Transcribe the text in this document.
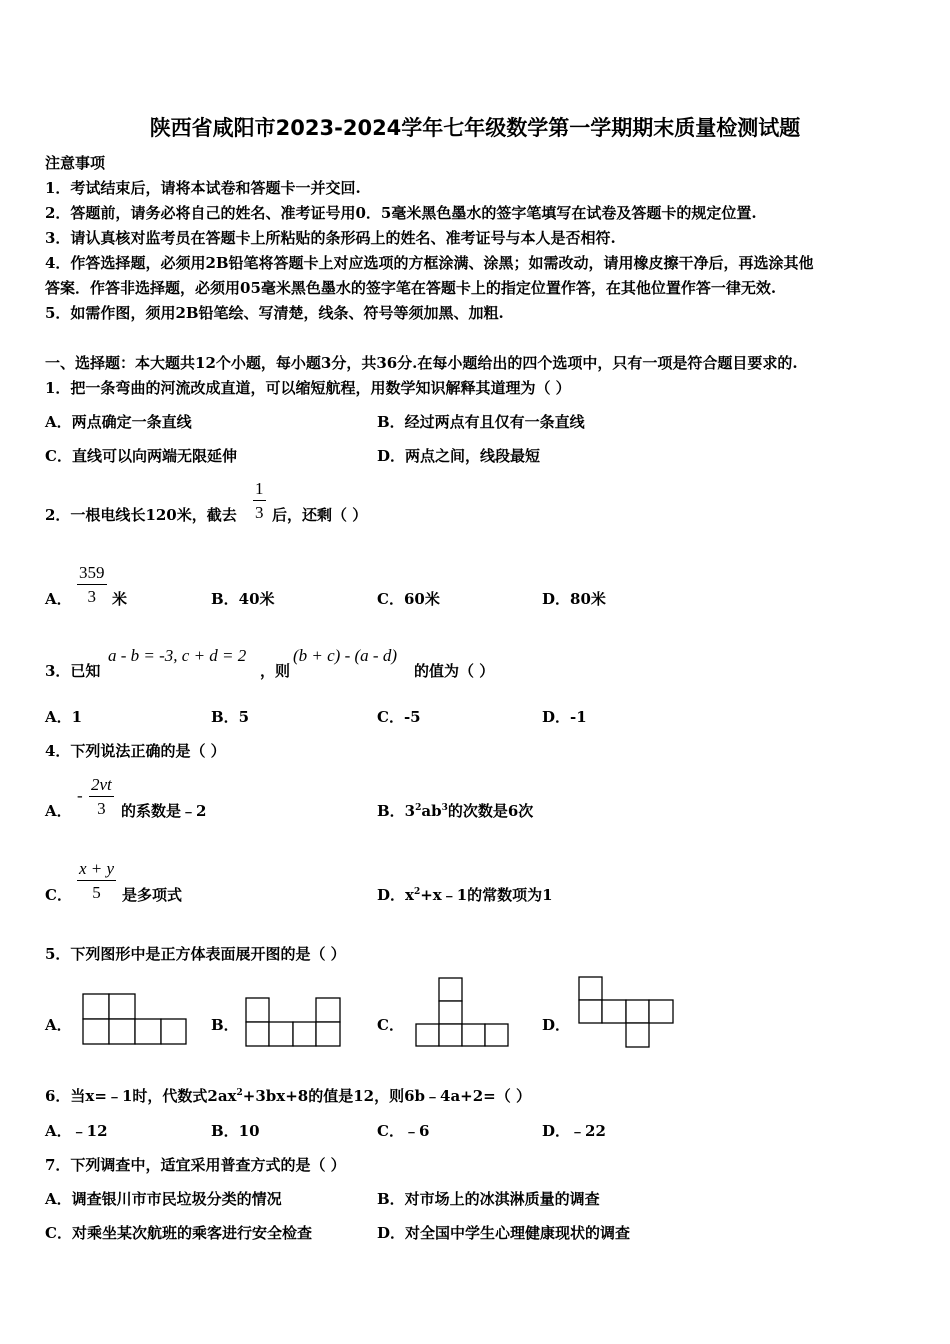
陕西省咸阳市2023-2024学年七年级数学第一学期期末质量检测试题
注意事项
1．考试结束后，请将本试卷和答题卡一并交回.
2．答题前，请务必将自己的姓名、准考证号用0．5毫米黑色墨水的签字笔填写在试卷及答题卡的规定位置.
3．请认真核对监考员在答题卡上所粘贴的条形码上的姓名、准考证号与本人是否相符.
4．作答选择题，必须用2B铅笔将答题卡上对应选项的方框涂满、涂黑；如需改动，请用橡皮擦干净后，再选涂其他
答案．作答非选择题，必须用05毫米黑色墨水的签字笔在答题卡上的指定位置作答，在其他位置作答一律无效.
5．如需作图，须用2B铅笔绘、写清楚，线条、符号等须加黑、加粗.
一、选择题：本大题共12个小题，每小题3分，共36分.在每小题给出的四个选项中，只有一项是符合题目要求的.
1．把一条弯曲的河流改成直道，可以缩短航程，用数学知识解释其道理为（ ）
A．两点确定一条直线	B．经过两点有且仅有一条直线
C．直线可以向两端无限延伸	D．两点之间，线段最短
2．一根电线长120米，截去
1
3 后，还剩（ ）
A．
359
3 米	B．40米	C．60米	D．80米
3．已知
a - b = -3, c + d = 2
，则
(b + c) - (a - d)
的值为（ ）
A．1	B．5	C．-5	D．-1
4．下列说法正确的是（ ）
A．
-
2vt
3 的系数是﹣2	B．$3^2ab^3$的次数是6次
C．
x + y
5 是多项式	D．$x^2+x﹣1$的常数项为1
5．下列图形中是正方体表面展开图的是（ ）
A．	B．	C．	D．
6．当x=﹣1时，代数式$2ax^2+3bx+8$的值是12，则6b﹣4a+2=（ ）
A．﹣12	B．10	C．﹣6	D．﹣22
7．下列调查中，适宜采用普查方式的是（ ）
A．调查银川市市民垃圾分类的情况	B．对市场上的冰淇淋质量的调查
C．对乘坐某次航班的乘客进行安全检查	D．对全国中学生心理健康现状的调查
